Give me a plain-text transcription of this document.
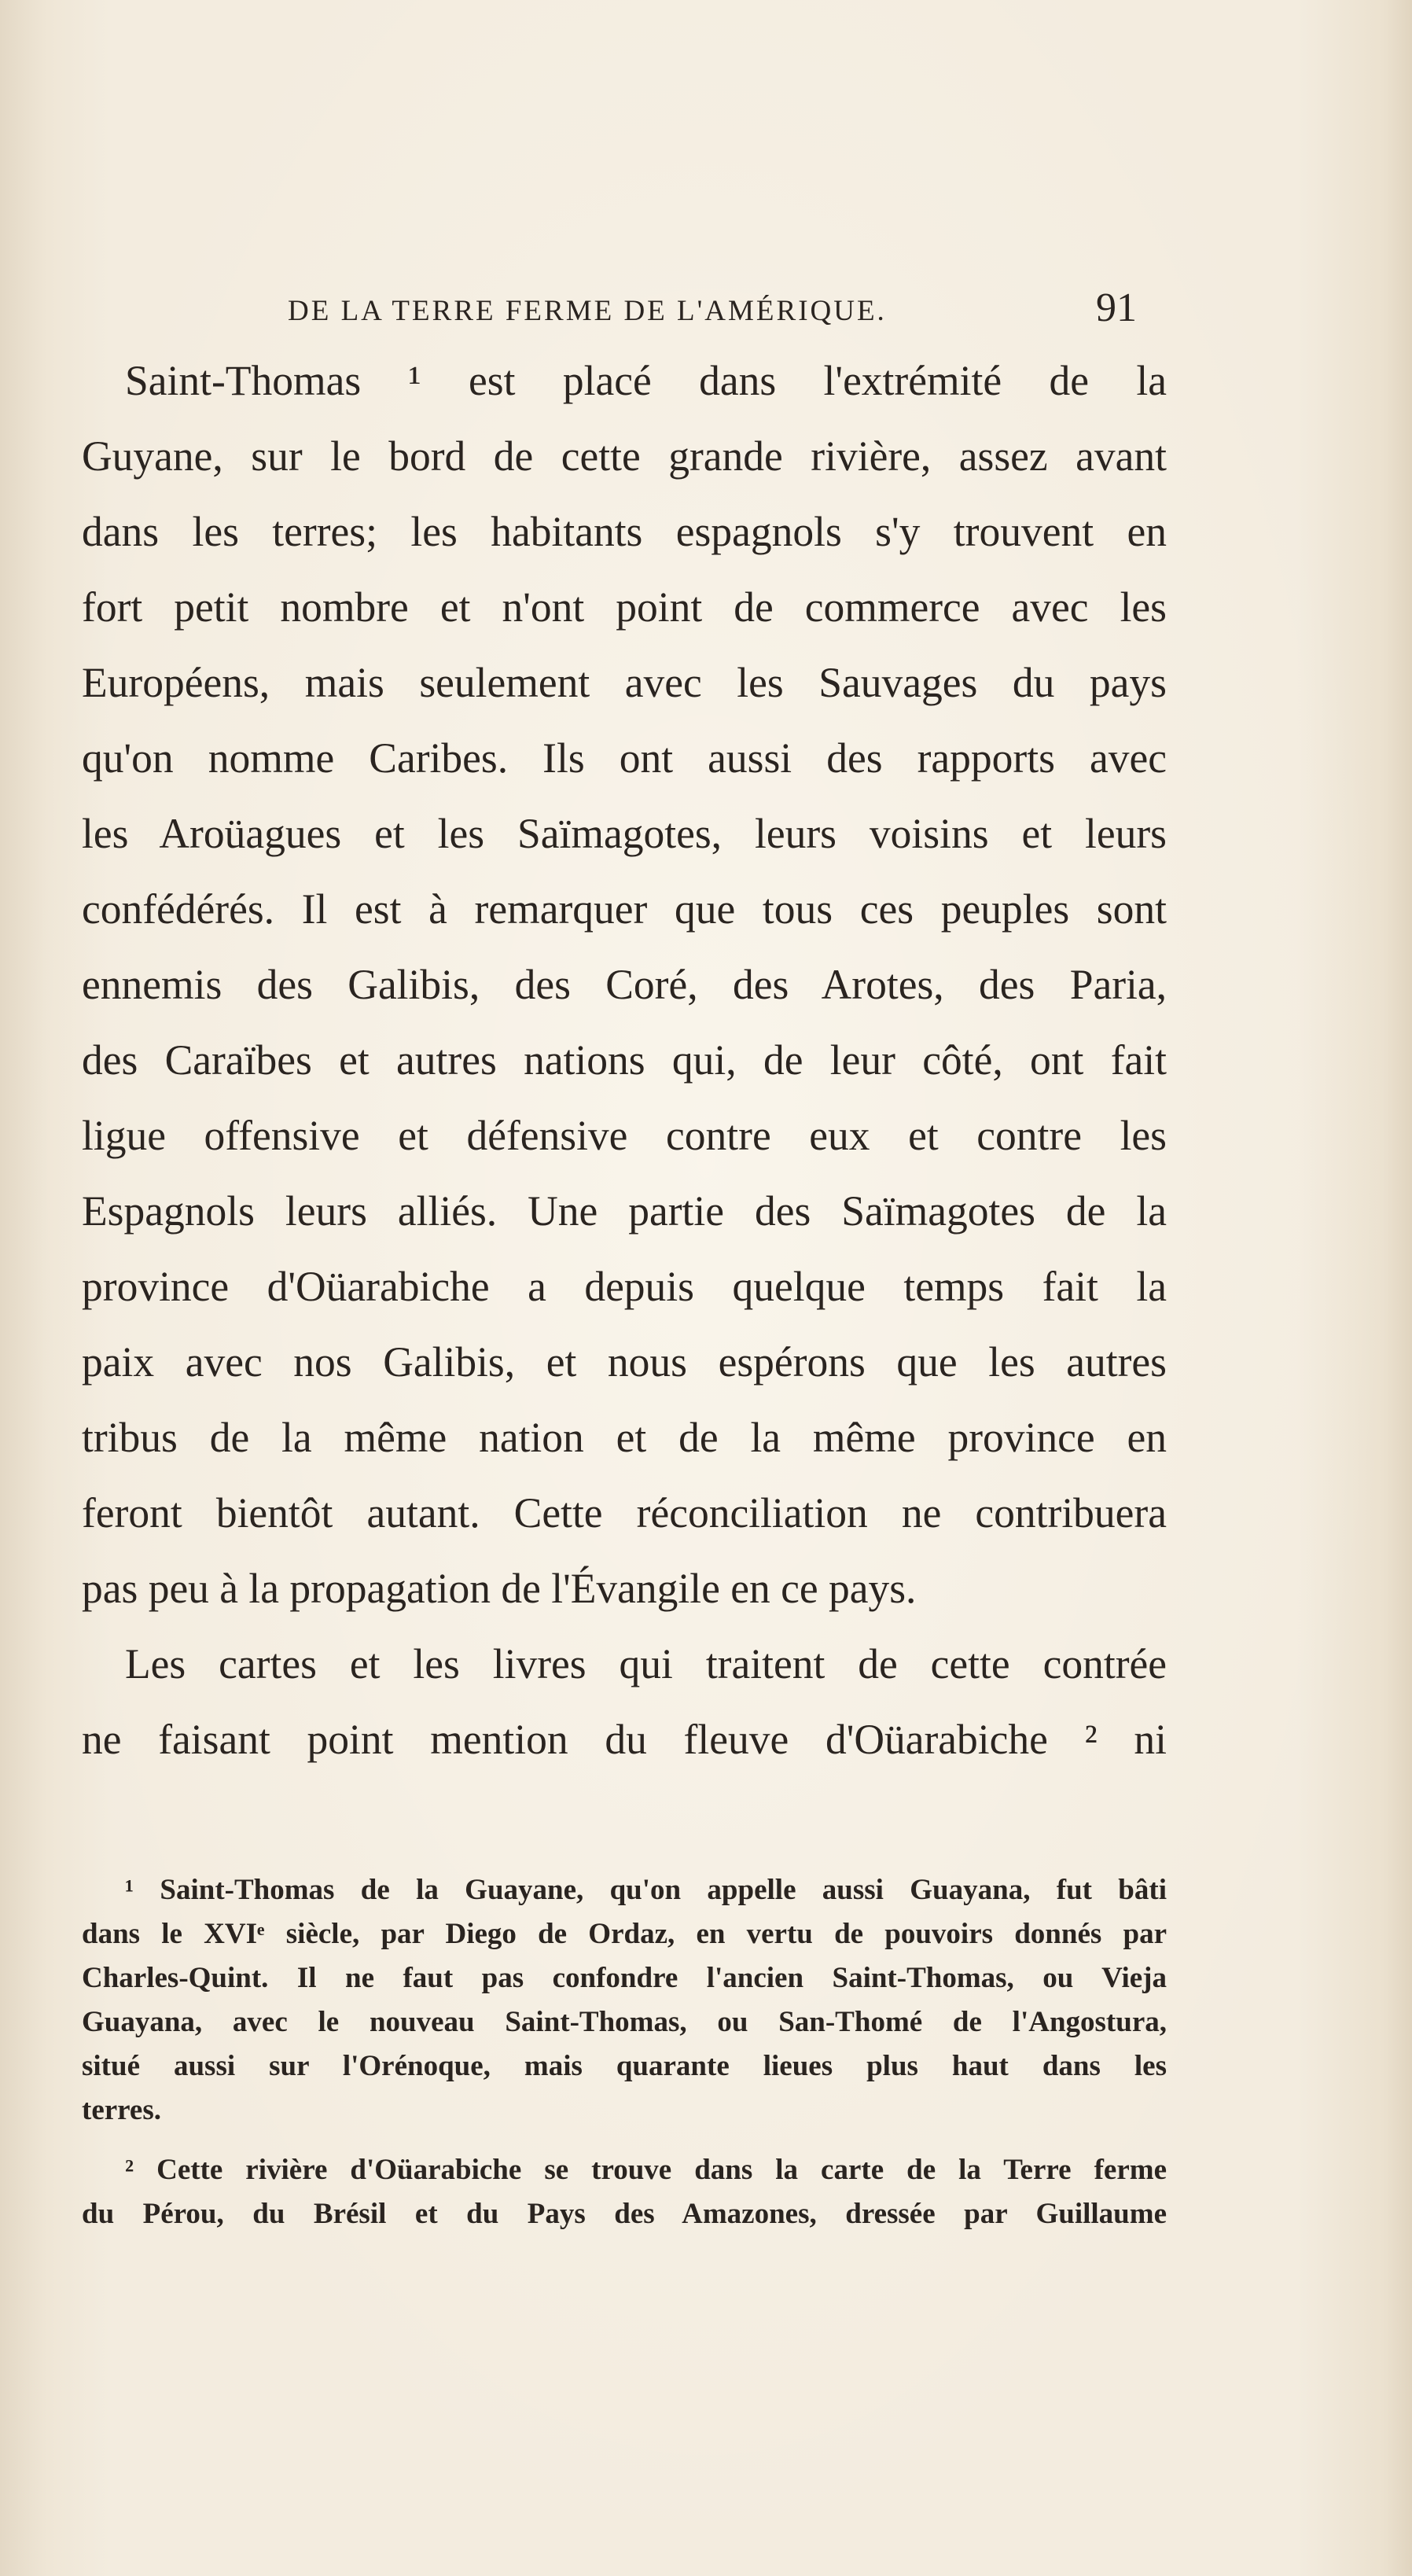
DE LA TERRE FERME DE L'AMÉRIQUE.	91
Saint-Thomas ¹ est placé dans l'extrémité de la
Guyane, sur le bord de cette grande rivière, assez avant
dans les terres; les habitants espagnols s'y trouvent en
fort petit nombre et n'ont point de commerce avec les
Européens, mais seulement avec les Sauvages du pays
qu'on nomme Caribes. Ils ont aussi des rapports avec
les Aroüagues et les Saïmagotes, leurs voisins et leurs
confédérés. Il est à remarquer que tous ces peuples sont
ennemis des Galibis, des Coré, des Arotes, des Paria,
des Caraïbes et autres nations qui, de leur côté, ont fait
ligue offensive et défensive contre eux et contre les
Espagnols leurs alliés. Une partie des Saïmagotes de la
province d'Oüarabiche a depuis quelque temps fait la
paix avec nos Galibis, et nous espérons que les autres
tribus de la même nation et de la même province en
feront bientôt autant. Cette réconciliation ne contribuera
pas peu à la propagation de l'Évangile en ce pays.
Les cartes et les livres qui traitent de cette contrée
ne faisant point mention du fleuve d'Oüarabiche ² ni
¹ Saint-Thomas de la Guayane, qu'on appelle aussi Guayana, fut bâti
dans le XVIᵉ siècle, par Diego de Ordaz, en vertu de pouvoirs donnés par
Charles-Quint. Il ne faut pas confondre l'ancien Saint-Thomas, ou Vieja
Guayana, avec le nouveau Saint-Thomas, ou San-Thomé de l'Angostura,
situé aussi sur l'Orénoque, mais quarante lieues plus haut dans les
terres.
² Cette rivière d'Oüarabiche se trouve dans la carte de la Terre ferme
du Pérou, du Brésil et du Pays des Amazones, dressée par Guillaume
